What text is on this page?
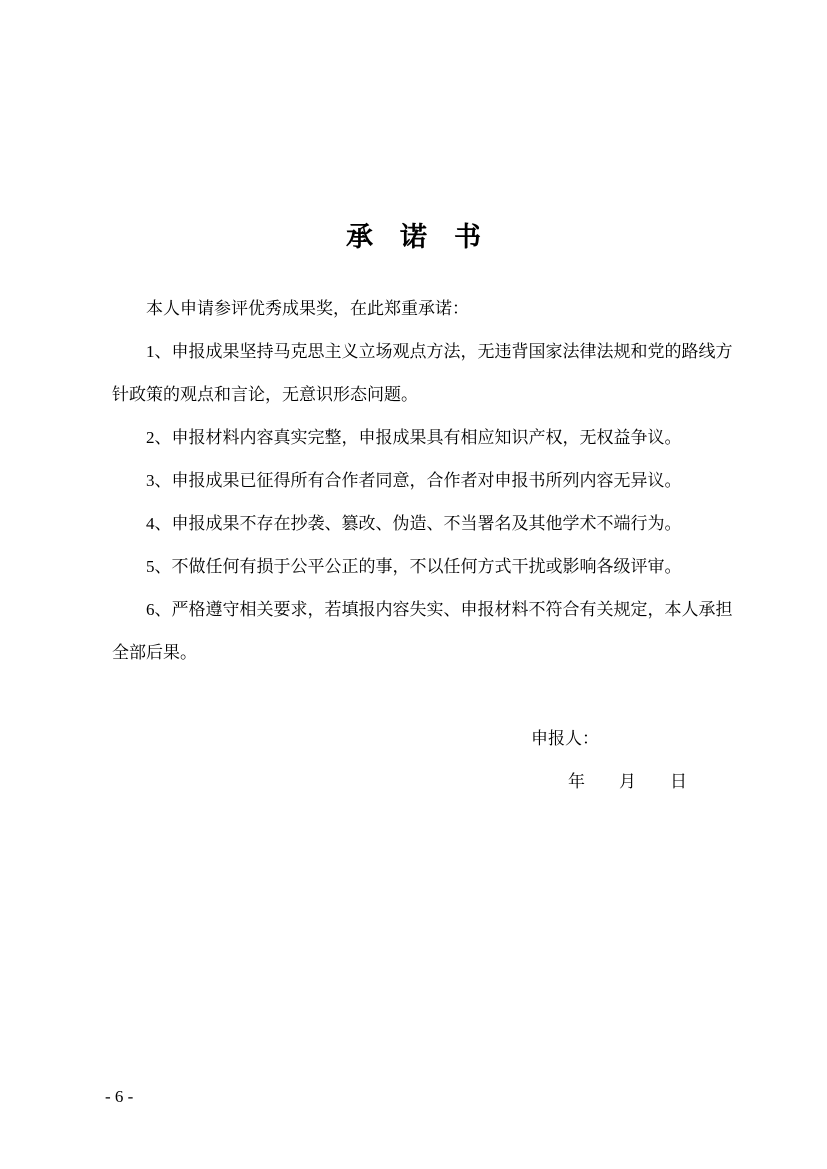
承　诺　书

本人申请参评优秀成果奖，在此郑重承诺：

1、申报成果坚持马克思主义立场观点方法，无违背国家法律法规和党的路线方

针政策的观点和言论，无意识形态问题。

2、申报材料内容真实完整，申报成果具有相应知识产权，无权益争议。

3、申报成果已征得所有合作者同意，合作者对申报书所列内容无异议。

4、申报成果不存在抄袭、篡改、伪造、不当署名及其他学术不端行为。

5、不做任何有损于公平公正的事，不以任何方式干扰或影响各级评审。

6、严格遵守相关要求，若填报内容失实、申报材料不符合有关规定，本人承担

全部后果。

申报人：

年　　月　　日

- 6 -
